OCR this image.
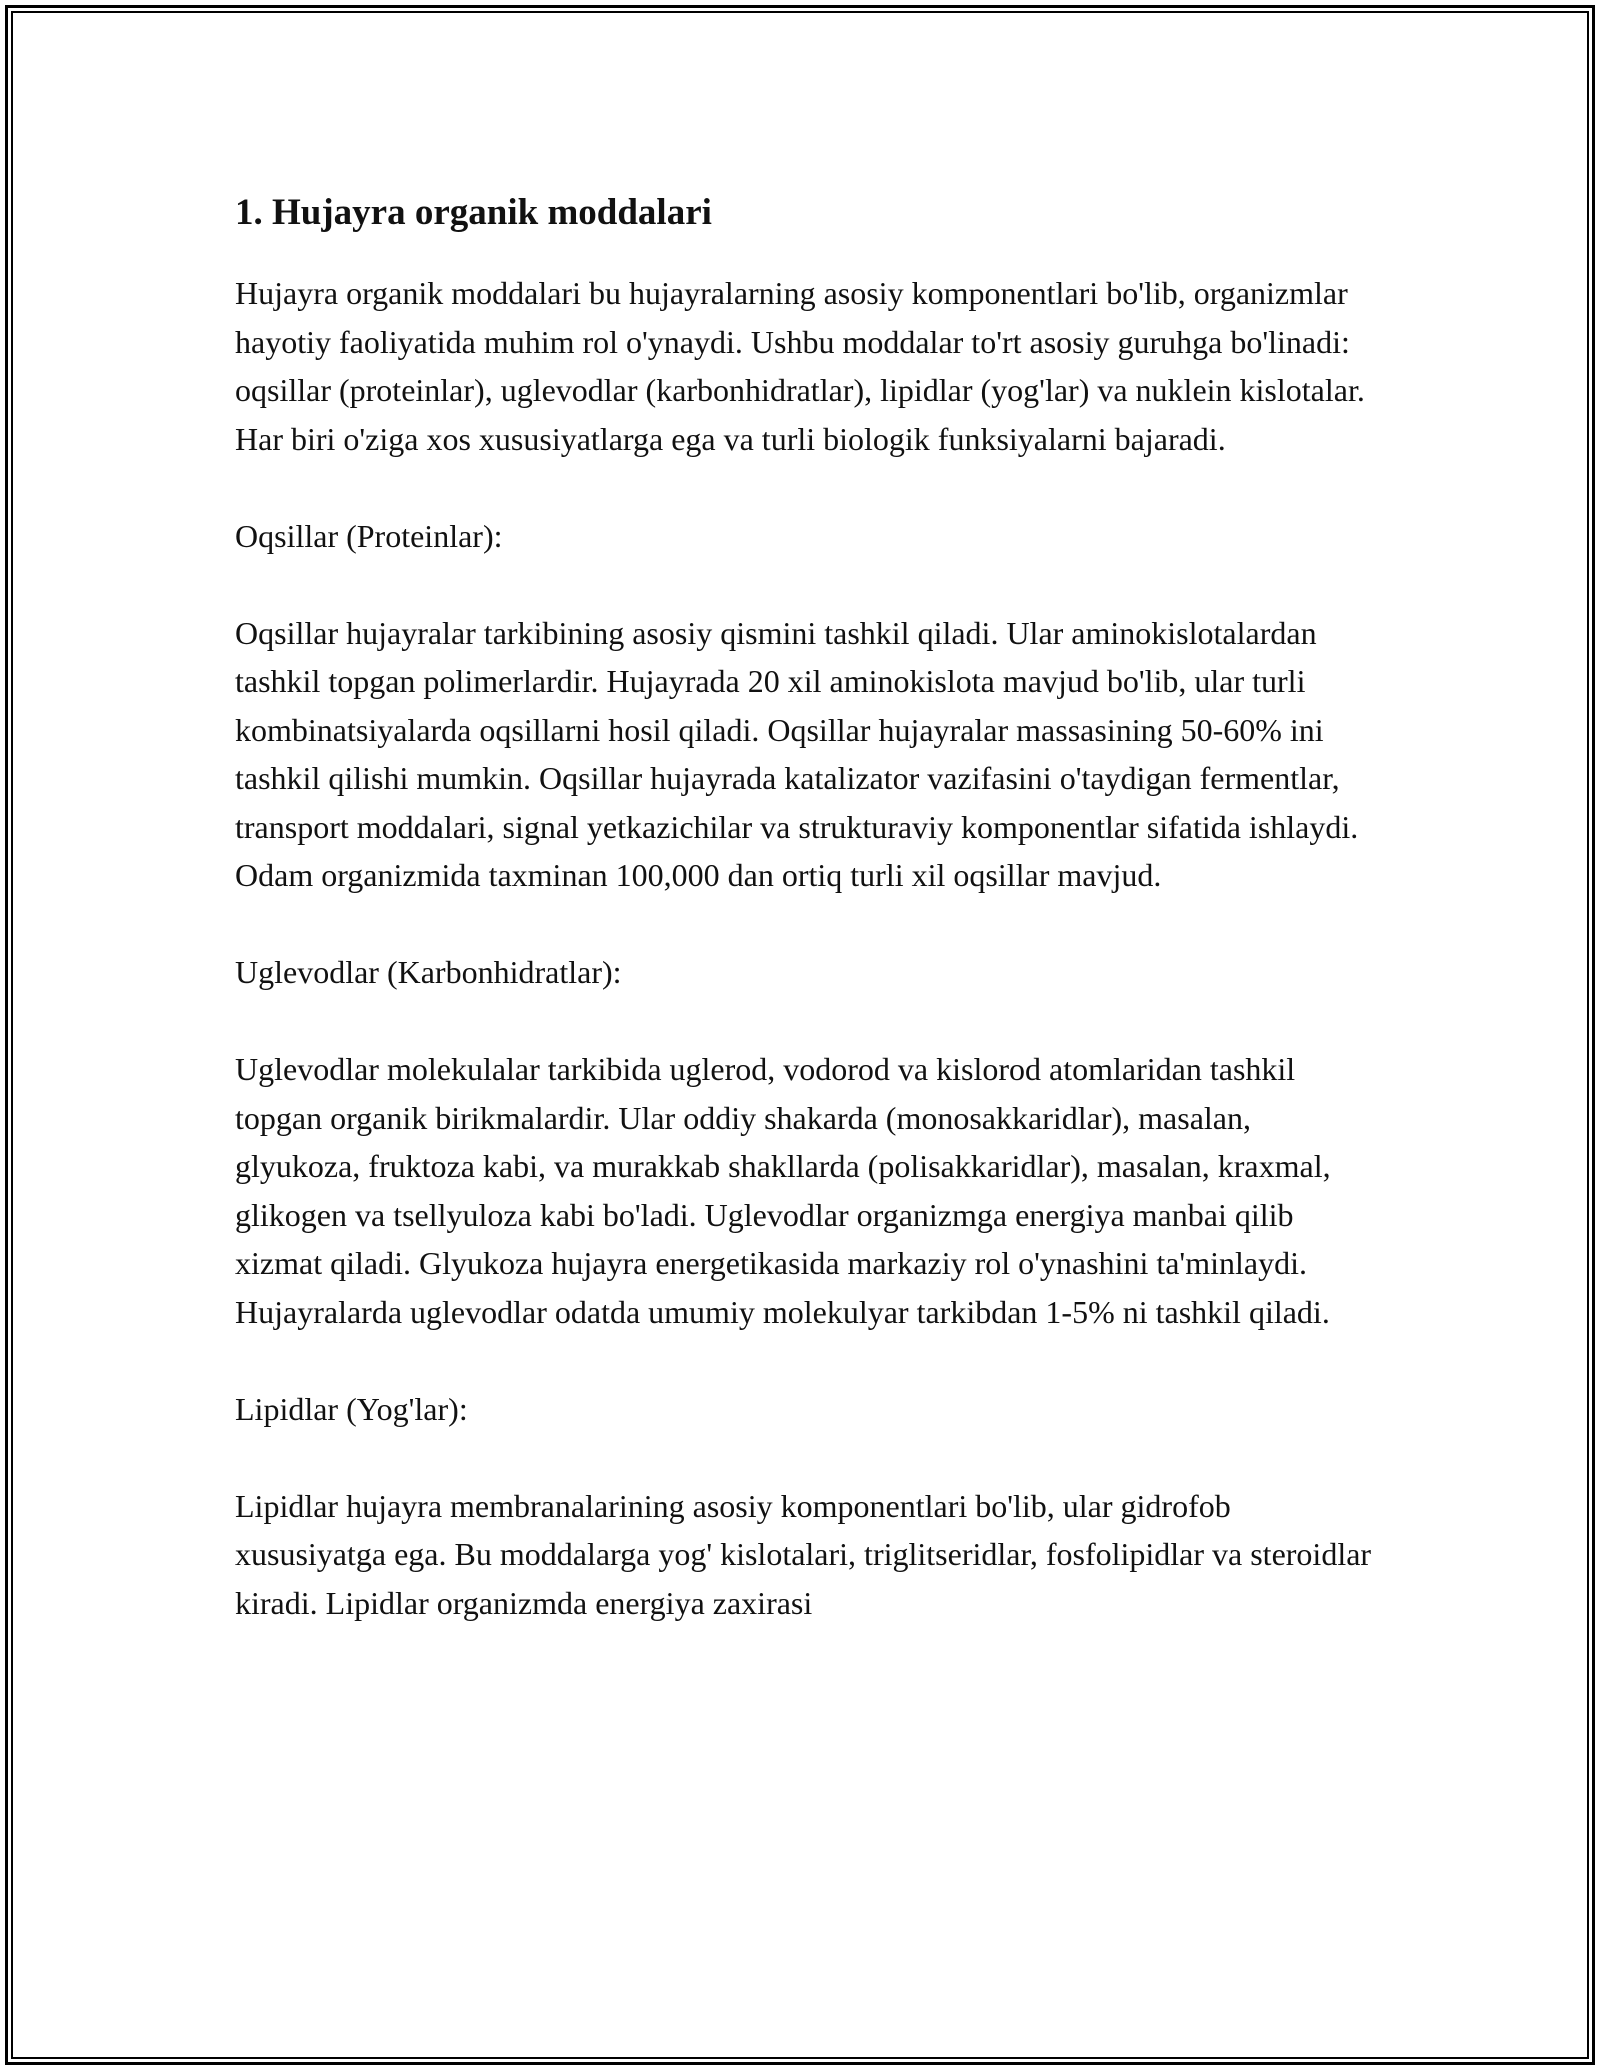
1. Hujayra organik moddalari

Hujayra organik moddalari bu hujayralarning asosiy komponentlari bo'lib, organizmlar hayotiy faoliyatida muhim rol o'ynaydi. Ushbu moddalar to'rt asosiy guruhga bo'linadi: oqsillar (proteinlar), uglevodlar (karbonhidratlar), lipidlar (yog'lar) va nuklein kislotalar. Har biri o'ziga xos xususiyatlarga ega va turli biologik funksiyalarni bajaradi.

Oqsillar (Proteinlar):

Oqsillar hujayralar tarkibining asosiy qismini tashkil qiladi. Ular aminokislotalardan tashkil topgan polimerlardir. Hujayrada 20 xil aminokislota mavjud bo'lib, ular turli kombinatsiyalarda oqsillarni hosil qiladi. Oqsillar hujayralar massasining 50-60% ini tashkil qilishi mumkin. Oqsillar hujayrada katalizator vazifasini o'taydigan fermentlar, transport moddalari, signal yetkazichilar va strukturaviy komponentlar sifatida ishlaydi. Odam organizmida taxminan 100,000 dan ortiq turli xil oqsillar mavjud.

Uglevodlar (Karbonhidratlar):

Uglevodlar molekulalar tarkibida uglerod, vodorod va kislorod atomlaridan tashkil topgan organik birikmalardir. Ular oddiy shakarda (monosakkaridlar), masalan, glyukoza, fruktoza kabi, va murakkab shakllarda (polisakkaridlar), masalan, kraxmal, glikogen va tsellyuloza kabi bo'ladi. Uglevodlar organizmga energiya manbai qilib xizmat qiladi. Glyukoza hujayra energetikasida markaziy rol o'ynashini ta'minlaydi. Hujayralarda uglevodlar odatda umumiy molekulyar tarkibdan 1-5% ni tashkil qiladi.

Lipidlar (Yog'lar):

Lipidlar hujayra membranalarining asosiy komponentlari bo'lib, ular gidrofob xususiyatga ega. Bu moddalarga yog' kislotalari, triglitseridlar, fosfolipidlar va steroidlar kiradi. Lipidlar organizmda energiya zaxirasi
